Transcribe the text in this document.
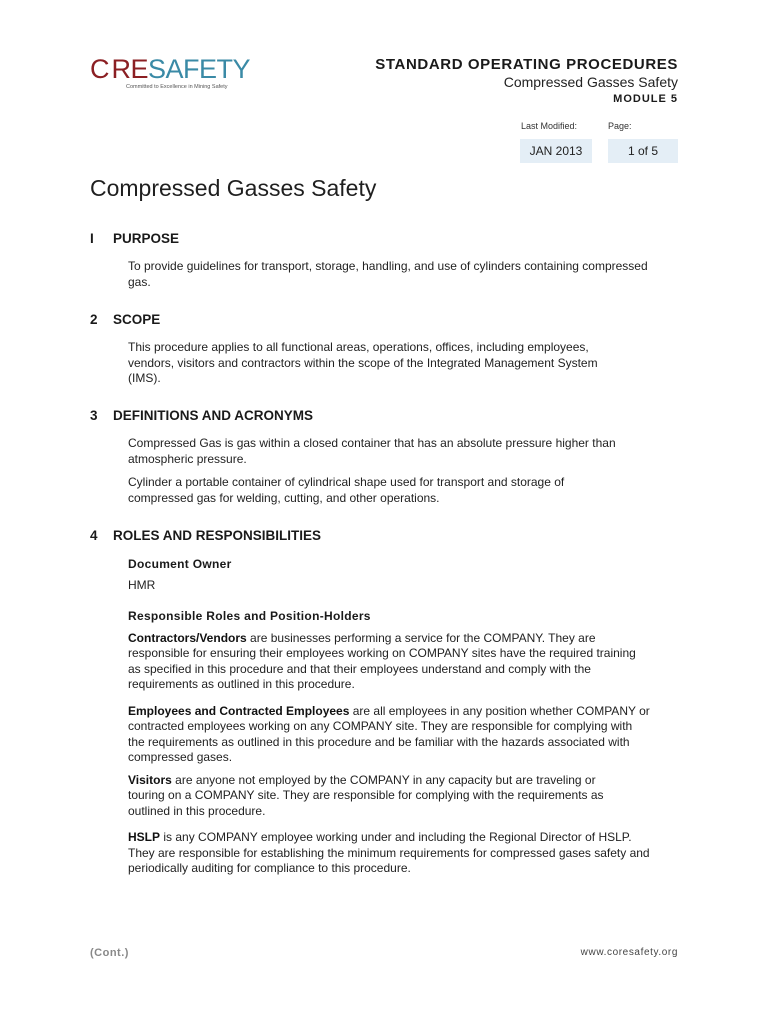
C RE SAFETY
Committed to Excellence in Mining Safety
STANDARD OPERATING PROCEDURES
Compressed Gasses Safety
MODULE 5
Last Modified:	Page:
JAN 2013	1 of 5
Compressed Gasses Safety
I	PURPOSE
To provide guidelines for transport, storage, handling, and use of cylinders containing compressed gas.
2	SCOPE
This procedure applies to all functional areas, operations, offices, including employees, vendors, visitors and contractors within the scope of the Integrated Management System (IMS).
3	DEFINITIONS AND ACRONYMS
Compressed Gas is gas within a closed container that has an absolute pressure higher than atmospheric pressure.
Cylinder a portable container of cylindrical shape used for transport and storage of compressed gas for welding, cutting, and other operations.
4	ROLES AND RESPONSIBILITIES
Document Owner
HMR
Responsible Roles and Position-Holders
Contractors/Vendors are businesses performing a service for the COMPANY. They are responsible for ensuring their employees working on COMPANY sites have the required training as specified in this procedure and that their employees understand and comply with the requirements as outlined in this procedure.
Employees and Contracted Employees are all employees in any position whether COMPANY or contracted employees working on any COMPANY site. They are responsible for complying with the requirements as outlined in this procedure and be familiar with the hazards associated with compressed gases.
Visitors are anyone not employed by the COMPANY in any capacity but are traveling or touring on a COMPANY site. They are responsible for complying with the requirements as outlined in this procedure.
HSLP is any COMPANY employee working under and including the Regional Director of HSLP. They are responsible for establishing the minimum requirements for compressed gases safety and periodically auditing for compliance to this procedure.
(Cont.)	www.coresafety.org
